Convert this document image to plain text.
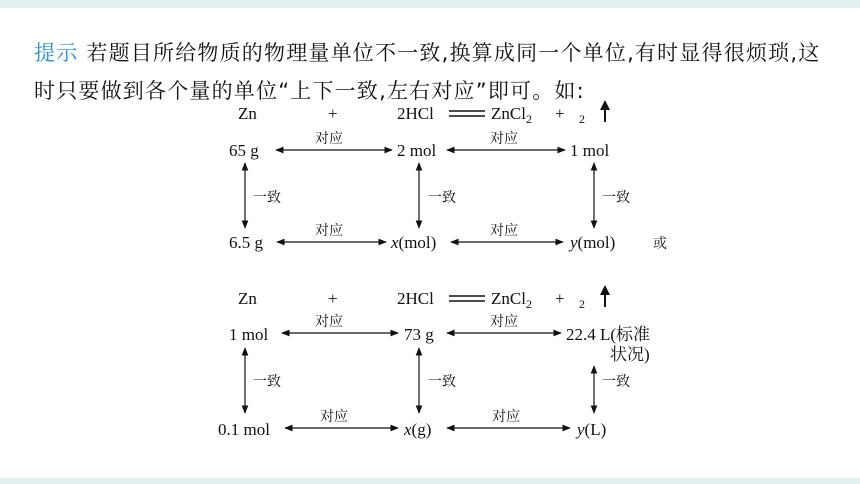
提示 若题目所给物质的物理量单位不一致,换算成同一个单位,有时显得很烦琐,这时只要做到各个量的单位“上下一致,左右对应”即可。如:
Zn	+	2HCl	ZnCl$_2$ + $_2$
65 g	2 mol	1 mol
对应	对应
一致	一致	一致
6.5 g	x(mol)	y(mol)	或
对应	对应
Zn	+	2HCl	ZnCl$_2$ + $_2$
1 mol	73 g	22.4 L(标准
状况)
对应	对应
一致	一致	一致
0.1 mol	x(g)	y(L)
对应	对应
